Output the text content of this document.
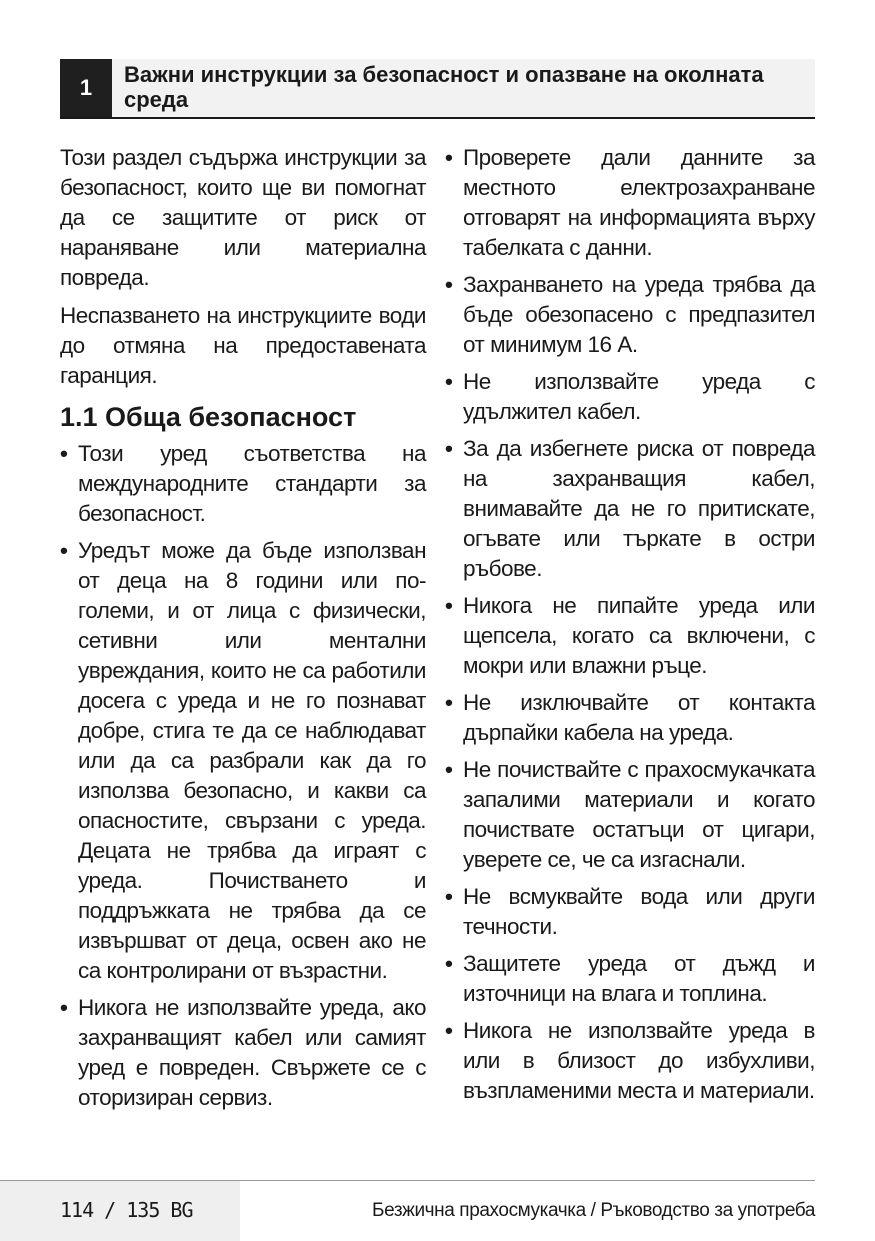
1
Важни инструкции за безопасност и опазване на околната среда

Този раздел съдържа инструкции за безопасност, които ще ви помогнат да се защитите от риск от нараняване или материална повреда.

Неспазването на инструкциите води до отмяна на предоставената гаранция.

1.1 Обща безопасност
• Този уред съответства на международните стандарти за безопасност.
• Уредът може да бъде използван от деца на 8 години или по-големи, и от лица с физически, сетивни или ментални увреждания, които не са работили досега с уреда и не го познават добре, стига те да се наблюдават или да са разбрали как да го използва безопасно, и какви са опасностите, свързани с уреда. Децата не трябва да играят с уреда. Почистването и поддръжката не трябва да се извършват от деца, освен ако не са контролирани от възрастни.
• Никога не използвайте уреда, ако захранващият кабел или самият уред е повреден. Свържете се с оторизиран сервиз.
• Проверете дали данните за местното електрозахранване отговарят на информацията върху табелката с данни.
• Захранването на уреда трябва да бъде обезопасено с предпазител от минимум 16 А.
• Не използвайте уреда с удължител кабел.
• За да избегнете риска от повреда на захранващия кабел, внимавайте да не го притискате, огъвате или търкате в остри ръбове.
• Никога не пипайте уреда или щепсела, когато са включени, с мокри или влажни ръце.
• Не изключвайте от контакта дърпайки кабела на уреда.
• Не почиствайте с прахосмукачката запалими материали и когато почиствате остатъци от цигари, уверете се, че са изгаснали.
• Не всмуквайте вода или други течности.
• Защитете уреда от дъжд и източници на влага и топлина.
• Никога не използвайте уреда в или в близост до избухливи, възпламеними места и материали.
114 / 135 BG	Безжична прахосмукачка / Ръководство за употреба
